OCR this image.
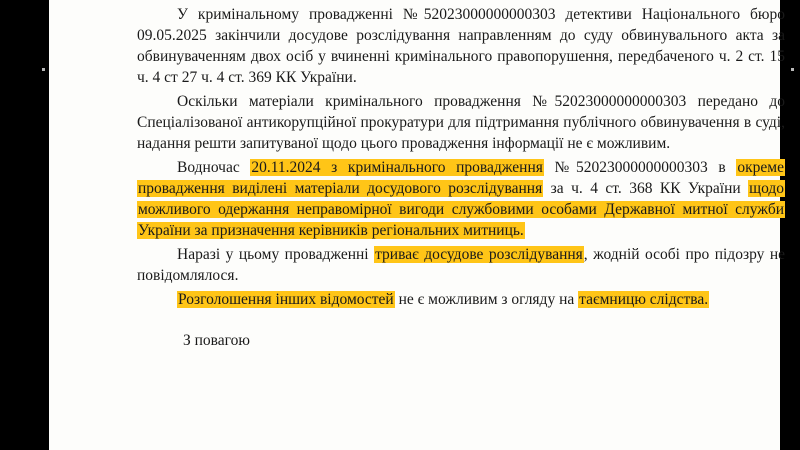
У кримінальному провадженні №52023000000000303 детективи Національного бюро 09.05.2025 закінчили досудове розслідування направленням до суду обвинувального акта за обвинуваченням двох осіб у вчиненні кримінального правопорушення, передбаченого ч. 2 ст. 15 ч. 4 ст 27 ч. 4 ст. 369 КК України.

Оскільки матеріали кримінального провадження №52023000000000303 передано до Спеціалізованої антикорупційної прокуратури для підтримання публічного обвинувачення в суді, надання решти запитуваної щодо цього провадження інформації не є можливим.

Водночас 20.11.2024 з кримінального провадження №52023000000000303 в окреме провадження виділені матеріали досудового розслідування за ч. 4 ст. 368 КК України щодо можливого одержання неправомірної вигоди службовими особами Державної митної служби України за призначення керівників регіональних митниць.

Наразі у цьому провадженні триває досудове розслідування, жодній особі про підозру не повідомлялося.

Розголошення інших відомостей не є можливим з огляду на таємницю слідства.

З повагою
